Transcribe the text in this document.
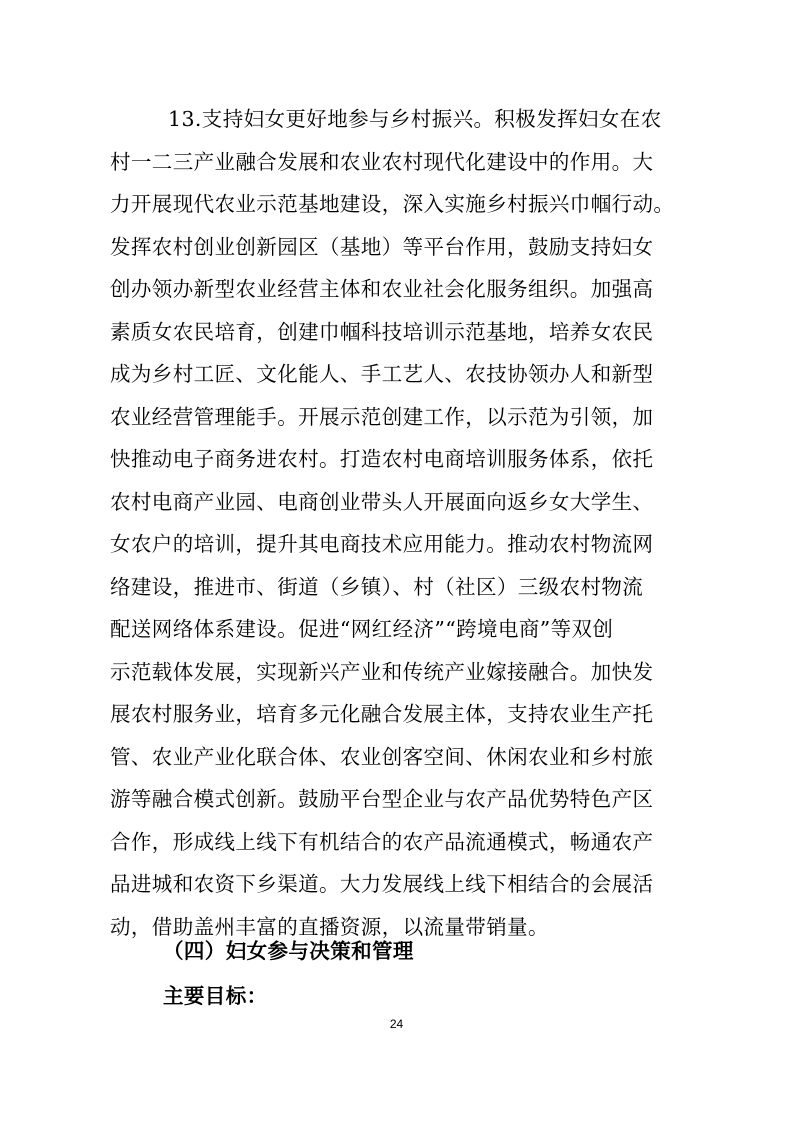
13.支持妇女更好地参与乡村振兴。积极发挥妇女在农
村一二三产业融合发展和农业农村现代化建设中的作用。大
力开展现代农业示范基地建设，深入实施乡村振兴巾帼行动。
发挥农村创业创新园区（基地）等平台作用，鼓励支持妇女
创办领办新型农业经营主体和农业社会化服务组织。加强高
素质女农民培育，创建巾帼科技培训示范基地，培养女农民
成为乡村工匠、文化能人、手工艺人、农技协领办人和新型
农业经营管理能手。开展示范创建工作，以示范为引领，加
快推动电子商务进农村。打造农村电商培训服务体系，依托
农村电商产业园、电商创业带头人开展面向返乡女大学生、
女农户的培训，提升其电商技术应用能力。推动农村物流网
络建设，推进市、街道（乡镇）、村（社区）三级农村物流
配送网络体系建设。促进“网红经济”“跨境电商”等双创
示范载体发展，实现新兴产业和传统产业嫁接融合。加快发
展农村服务业，培育多元化融合发展主体，支持农业生产托
管、农业产业化联合体、农业创客空间、休闲农业和乡村旅
游等融合模式创新。鼓励平台型企业与农产品优势特色产区
合作，形成线上线下有机结合的农产品流通模式，畅通农产
品进城和农资下乡渠道。大力发展线上线下相结合的会展活
动，借助盖州丰富的直播资源，以流量带销量。
（四）妇女参与决策和管理
主要目标：
24
